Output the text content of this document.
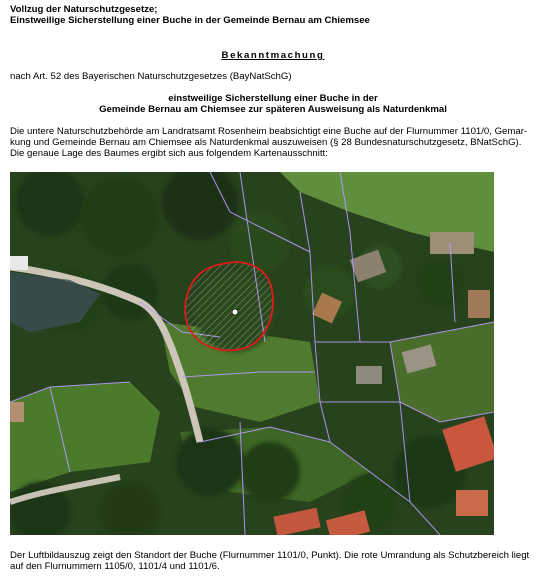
Vollzug der Naturschutzgesetze;
Einstweilige Sicherstellung einer Buche in der Gemeinde Bernau am Chiemsee
Bekanntmachung
nach Art. 52 des Bayerischen Naturschutzgesetzes (BayNatSchG)
einstweilige Sicherstellung einer Buche in der
Gemeinde Bernau am Chiemsee zur späteren Ausweisung als Naturdenkmal
Die untere Naturschutzbehörde am Landratsamt Rosenheim beabsichtigt eine Buche auf der Flurnummer 1101/0, Gemar-
kung und Gemeinde Bernau am Chiemsee als Naturdenkmal auszuweisen (§ 28 Bundesnaturschutzgesetz, BNatSchG).
Die genaue Lage des Baumes ergibt sich aus folgendem Kartenausschnitt:
Der Luftbildauszug zeigt den Standort der Buche (Flurnummer 1101/0, Punkt). Die rote Umrandung als Schutzbereich liegt
auf den Flurnummern 1105/0, 1101/4 und 1101/6.
